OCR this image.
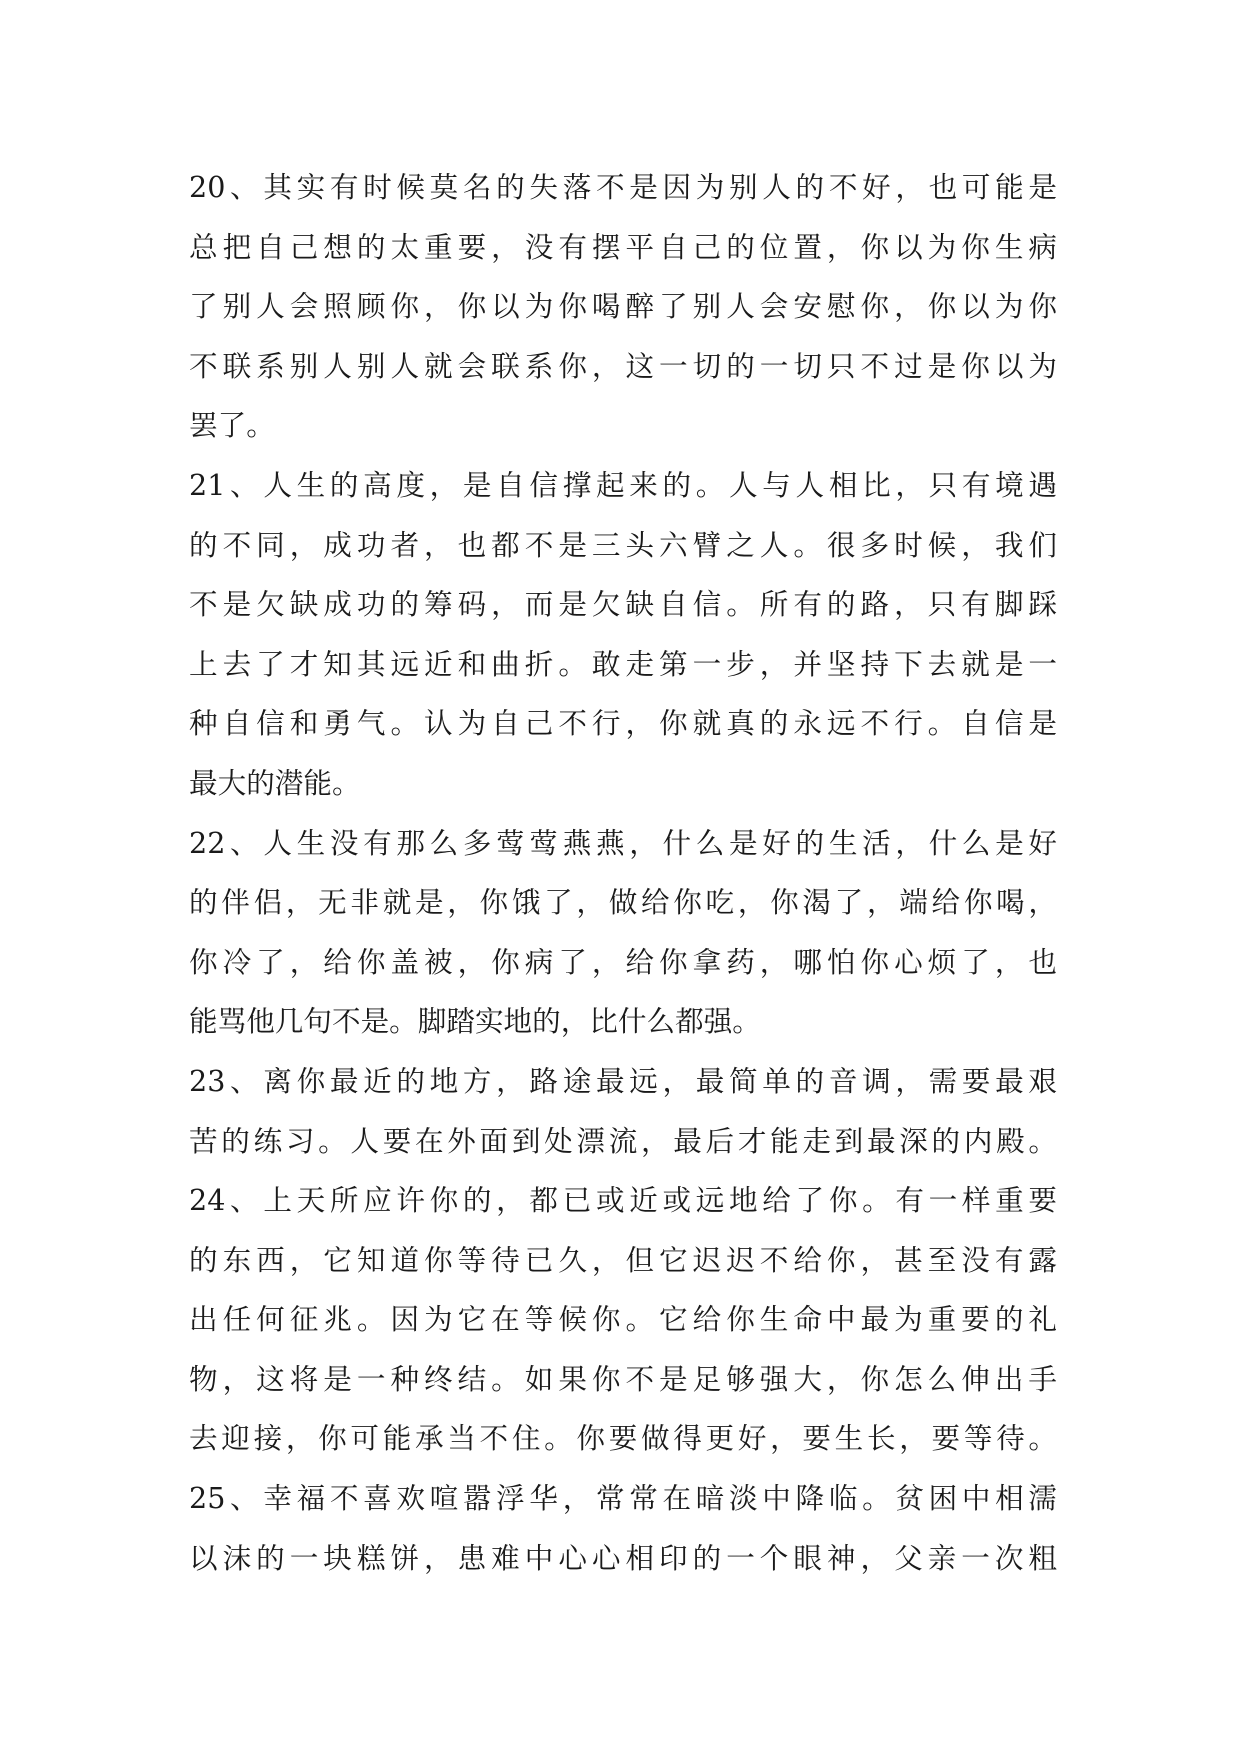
20、其实有时候莫名的失落不是因为别人的不好，也可能是
总把自己想的太重要，没有摆平自己的位置，你以为你生病
了别人会照顾你，你以为你喝醉了别人会安慰你，你以为你
不联系别人别人就会联系你，这一切的一切只不过是你以为
罢了。
21、人生的高度，是自信撑起来的。人与人相比，只有境遇
的不同，成功者，也都不是三头六臂之人。很多时候，我们
不是欠缺成功的筹码，而是欠缺自信。所有的路，只有脚踩
上去了才知其远近和曲折。敢走第一步，并坚持下去就是一
种自信和勇气。认为自己不行，你就真的永远不行。自信是
最大的潜能。
22、人生没有那么多莺莺燕燕，什么是好的生活，什么是好
的伴侣，无非就是，你饿了，做给你吃，你渴了，端给你喝，
你冷了，给你盖被，你病了，给你拿药，哪怕你心烦了，也
能骂他几句不是。脚踏实地的，比什么都强。
23、离你最近的地方，路途最远，最简单的音调，需要最艰
苦的练习。人要在外面到处漂流，最后才能走到最深的内殿。
24、上天所应许你的，都已或近或远地给了你。有一样重要
的东西，它知道你等待已久，但它迟迟不给你，甚至没有露
出任何征兆。因为它在等候你。它给你生命中最为重要的礼
物，这将是一种终结。如果你不是足够强大，你怎么伸出手
去迎接，你可能承当不住。你要做得更好，要生长，要等待。
25、幸福不喜欢喧嚣浮华，常常在暗淡中降临。贫困中相濡
以沫的一块糕饼，患难中心心相印的一个眼神，父亲一次粗
